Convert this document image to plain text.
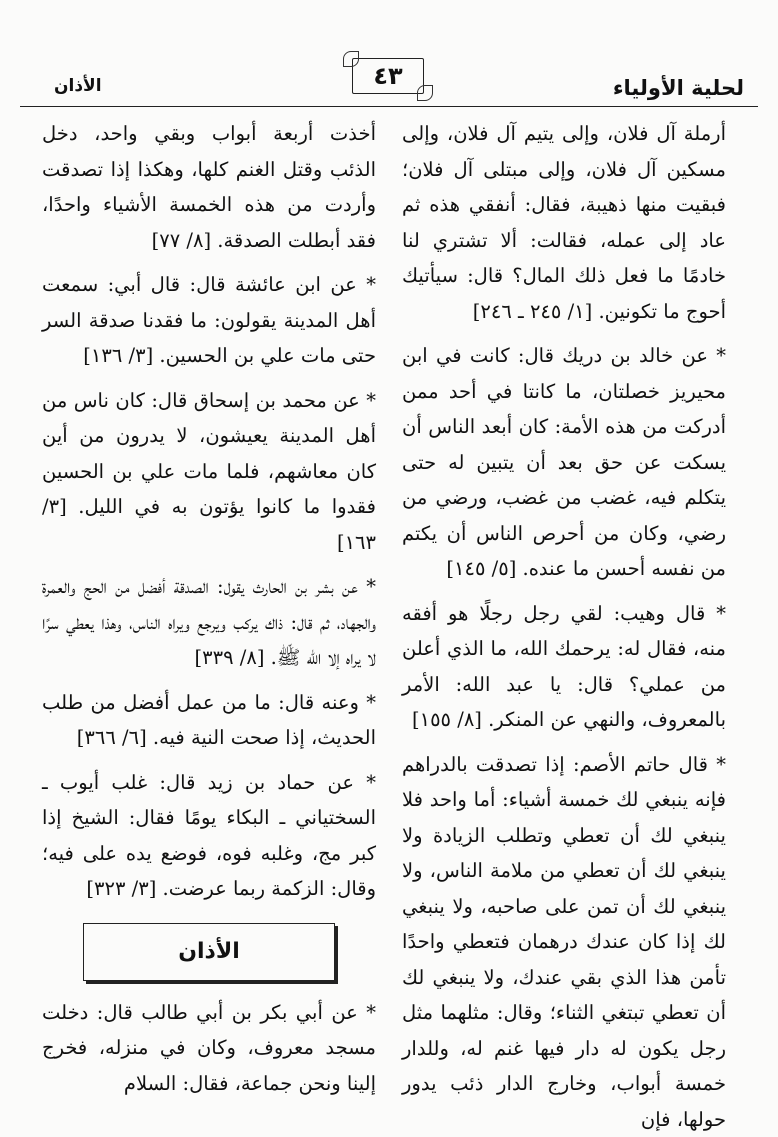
لحلية الأولياء
٤٣
الأذان

أرملة آل فلان، وإلى يتيم آل فلان، وإلى مسكين آل فلان، وإلى مبتلى آل فلان؛ فبقيت منها ذهيبة، فقال: أنفقي هذه ثم عاد إلى عمله، فقالت: ألا تشتري لنا خادمًا ما فعل ذلك المال؟ قال: سيأتيك أحوج ما تكونين. [١/ ٢٤٥ ـ ٢٤٦]

* عن خالد بن دريك قال: كانت في ابن محيريز خصلتان، ما كانتا في أحد ممن أدركت من هذه الأمة: كان أبعد الناس أن يسكت عن حق بعد أن يتبين له حتى يتكلم فيه، غضب من غضب، ورضي من رضي، وكان من أحرص الناس أن يكتم من نفسه أحسن ما عنده. [٥/ ١٤٥]

* قال وهيب: لقي رجل رجلًا هو أفقه منه، فقال له: يرحمك الله، ما الذي أعلن من عملي؟ قال: يا عبد الله: الأمر بالمعروف، والنهي عن المنكر. [٨/ ١٥٥]

* قال حاتم الأصم: إذا تصدقت بالدراهم فإنه ينبغي لك خمسة أشياء: أما واحد فلا ينبغي لك أن تعطي وتطلب الزيادة ولا ينبغي لك أن تعطي من ملامة الناس، ولا ينبغي لك أن تمن على صاحبه، ولا ينبغي لك إذا كان عندك درهمان فتعطي واحدًا تأمن هذا الذي بقي عندك، ولا ينبغي لك أن تعطي تبتغي الثناء؛ وقال: مثلهما مثل رجل يكون له دار فيها غنم له، وللدار خمسة أبواب، وخارج الدار ذئب يدور حولها، فإن

أخذت أربعة أبواب وبقي واحد، دخل الذئب وقتل الغنم كلها، وهكذا إذا تصدقت وأردت من هذه الخمسة الأشياء واحدًا، فقد أبطلت الصدقة. [٨/ ٧٧]

* عن ابن عائشة قال: قال أبي: سمعت أهل المدينة يقولون: ما فقدنا صدقة السر حتى مات علي بن الحسين. [٣/ ١٣٦]

* عن محمد بن إسحاق قال: كان ناس من أهل المدينة يعيشون، لا يدرون من أين كان معاشهم، فلما مات علي بن الحسين فقدوا ما كانوا يؤتون به في الليل. [٣/ ١٦٣]

* عن بشر بن الحارث يقول: الصدقة أفضل من الحج والعمرة والجهاد، ثم قال: ذاك يركب ويرجع ويراه الناس، وهذا يعطي سرًا لا يراه إلا الله ﷺ. [٨/ ٣٣٩]

* وعنه قال: ما من عمل أفضل من طلب الحديث، إذا صحت النية فيه. [٦/ ٣٦٦]

* عن حماد بن زيد قال: غلب أيوب ـ السختياني ـ البكاء يومًا فقال: الشيخ إذا كبر مج، وغلبه فوه، فوضع يده على فيه؛ وقال: الزكمة ربما عرضت. [٣/ ٣٢٣]

الأذان

* عن أبي بكر بن أبي طالب قال: دخلت مسجد معروف، وكان في منزله، فخرج إلينا ونحن جماعة، فقال: السلام
